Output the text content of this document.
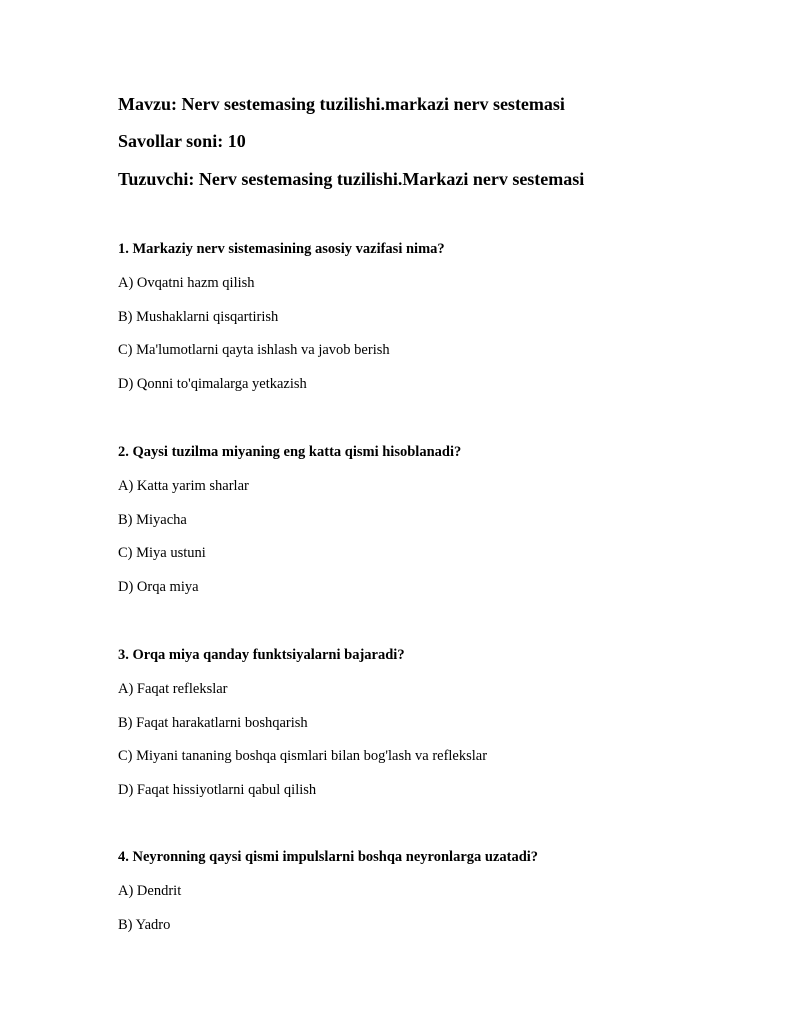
Mavzu: Nerv sestemasing tuzilishi.markazi nerv sestemasi
Savollar soni: 10
Tuzuvchi: Nerv sestemasing tuzilishi.Markazi nerv sestemasi
1. Markaziy nerv sistemasining asosiy vazifasi nima?
A) Ovqatni hazm qilish
B) Mushaklarni qisqartirish
C) Ma'lumotlarni qayta ishlash va javob berish
D) Qonni to'qimalarga yetkazish
2. Qaysi tuzilma miyaning eng katta qismi hisoblanadi?
A) Katta yarim sharlar
B) Miyacha
C) Miya ustuni
D) Orqa miya
3. Orqa miya qanday funktsiyalarni bajaradi?
A) Faqat reflekslar
B) Faqat harakatlarni boshqarish
C) Miyani tananing boshqa qismlari bilan bog'lash va reflekslar
D) Faqat hissiyotlarni qabul qilish
4. Neyronning qaysi qismi impulslarni boshqa neyronlarga uzatadi?
A) Dendrit
B) Yadro
